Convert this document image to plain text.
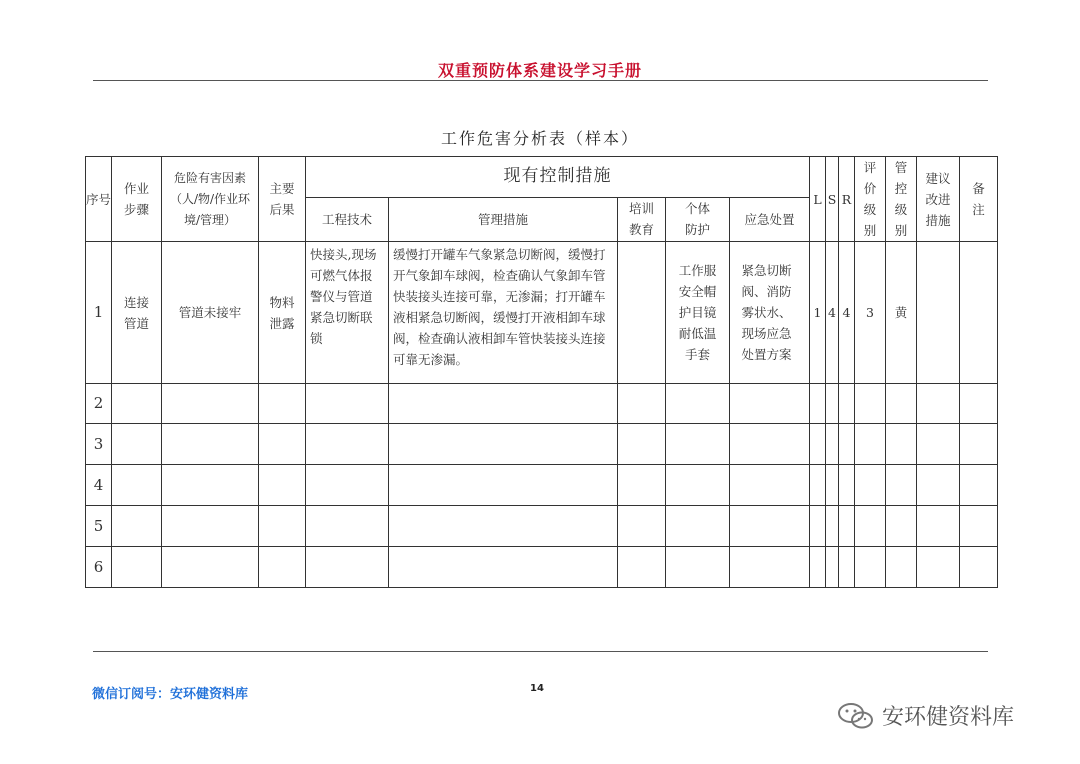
双重预防体系建设学习手册
工作危害分析表（样本）
序号	作业步骤	危险有害因素（人/物/作业环境/管理）	主要后果	现有控制措施					L	S	R	评价级别	管控级别	建议改进措施	备注

				工程技术	管理措施	培训教育	个体防护	应急处置							
1	连接管道	管道未接牢	物料泄露	快接头,现场可燃气体报警仪与管道紧急切断联锁	缓慢打开罐车气象紧急切断阀，缓慢打开气象卸车球阀，检查确认气象卸车管快装接头连接可靠，无渗漏；打开罐车液相紧急切断阀，缓慢打开液相卸车球阀，检查确认液相卸车管快装接头连接可靠无渗漏。		工作服安全帽护目镜耐低温手套	紧急切断阀、消防雾状水、现场应急处置方案	1	4	4	3	黄		
2															
3															
4															
5															
6															
微信订阅号：安环健资料库	14
安环健资料库
